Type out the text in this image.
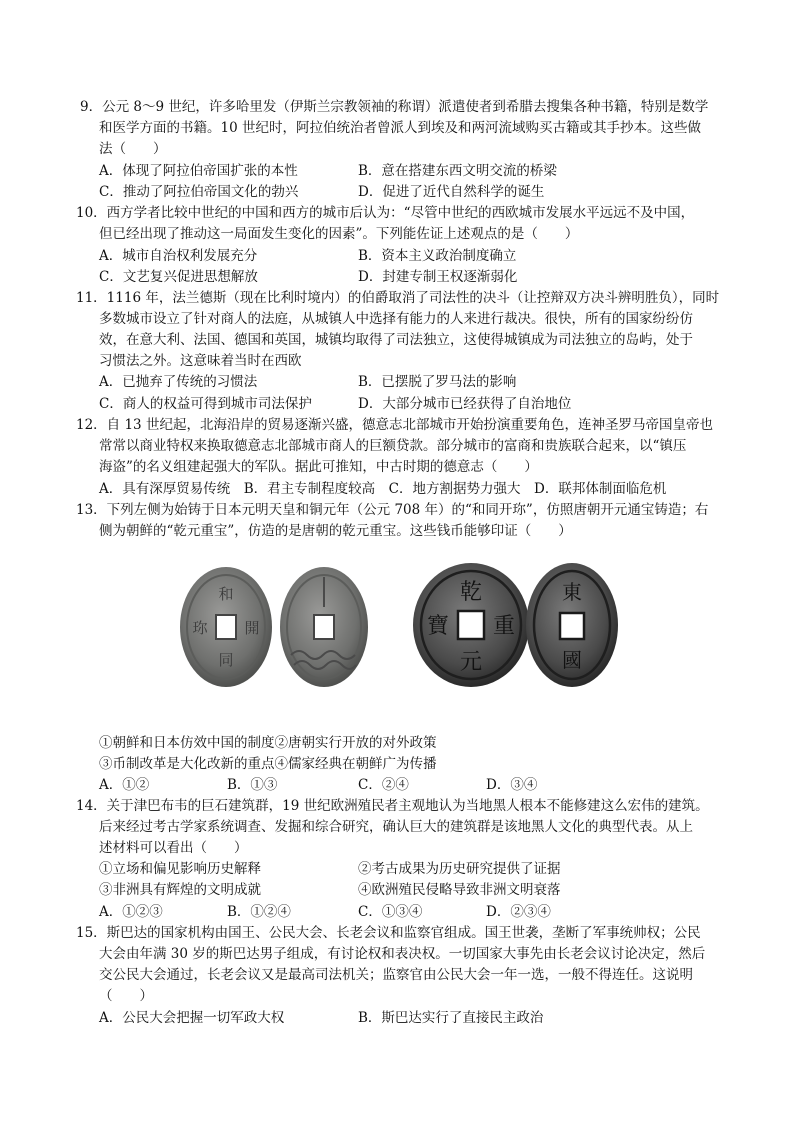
9．公元 8～9 世纪，许多哈里发（伊斯兰宗教领袖的称谓）派遣使者到希腊去搜集各种书籍，特别是数学
和医学方面的书籍。10 世纪时，阿拉伯统治者曾派人到埃及和两河流域购买古籍或其手抄本。这些做
法（　　）
A．体现了阿拉伯帝国扩张的本性	B．意在搭建东西文明交流的桥梁
C．推动了阿拉伯帝国文化的勃兴	D．促进了近代自然科学的诞生
10．西方学者比较中世纪的中国和西方的城市后认为：“尽管中世纪的西欧城市发展水平远远不及中国，
但已经出现了推动这一局面发生变化的因素”。下列能佐证上述观点的是（　　）
A．城市自治权利发展充分	B．资本主义政治制度确立
C．文艺复兴促进思想解放	D．封建专制王权逐渐弱化
11．1116 年，法兰德斯（现在比利时境内）的伯爵取消了司法性的决斗（让控辩双方决斗辨明胜负），同时
多数城市设立了针对商人的法庭，从城镇人中选择有能力的人来进行裁决。很快，所有的国家纷纷仿
效，在意大利、法国、德国和英国，城镇均取得了司法独立，这使得城镇成为司法独立的岛屿，处于
习惯法之外。这意味着当时在西欧
A．已抛弃了传统的习惯法	B．已摆脱了罗马法的影响
C．商人的权益可得到城市司法保护	D．大部分城市已经获得了自治地位
12．自 13 世纪起，北海沿岸的贸易逐渐兴盛，德意志北部城市开始扮演重要角色，连神圣罗马帝国皇帝也
常常以商业特权来换取德意志北部城市商人的巨额贷款。部分城市的富商和贵族联合起来，以“镇压
海盗”的名义组建起强大的军队。据此可推知，中古时期的德意志（　　）
A．具有深厚贸易传统　B．君主专制程度较高　C．地方割据势力强大　D．联邦体制面临危机
13．下列左侧为始铸于日本元明天皇和铜元年（公元 708 年）的“和同开珎”，仿照唐朝开元通宝铸造；右
侧为朝鲜的“乾元重宝”，仿造的是唐朝的乾元重宝。这些钱币能够印证（　　）
和
珎 開
同
乾
寶 重
元
東
國
①朝鲜和日本仿效中国的制度②唐朝实行开放的对外政策
③币制改革是大化改新的重点④儒家经典在朝鲜广为传播
A．①②	B．①③	C．②④	D．③④
14．关于津巴布韦的巨石建筑群，19 世纪欧洲殖民者主观地认为当地黑人根本不能修建这么宏伟的建筑。
后来经过考古学家系统调查、发掘和综合研究，确认巨大的建筑群是该地黑人文化的典型代表。从上
述材料可以看出（　　）
①立场和偏见影响历史解释	②考古成果为历史研究提供了证据
③非洲具有辉煌的文明成就	④欧洲殖民侵略导致非洲文明衰落
A．①②③	B．①②④	C．①③④	D．②③④
15．斯巴达的国家机构由国王、公民大会、长老会议和监察官组成。国王世袭，垄断了军事统帅权；公民
大会由年满 30 岁的斯巴达男子组成，有讨论权和表决权。一切国家大事先由长老会议讨论决定，然后
交公民大会通过，长老会议又是最高司法机关；监察官由公民大会一年一选，一般不得连任。这说明
（　　）
A．公民大会把握一切军政大权	B．斯巴达实行了直接民主政治
